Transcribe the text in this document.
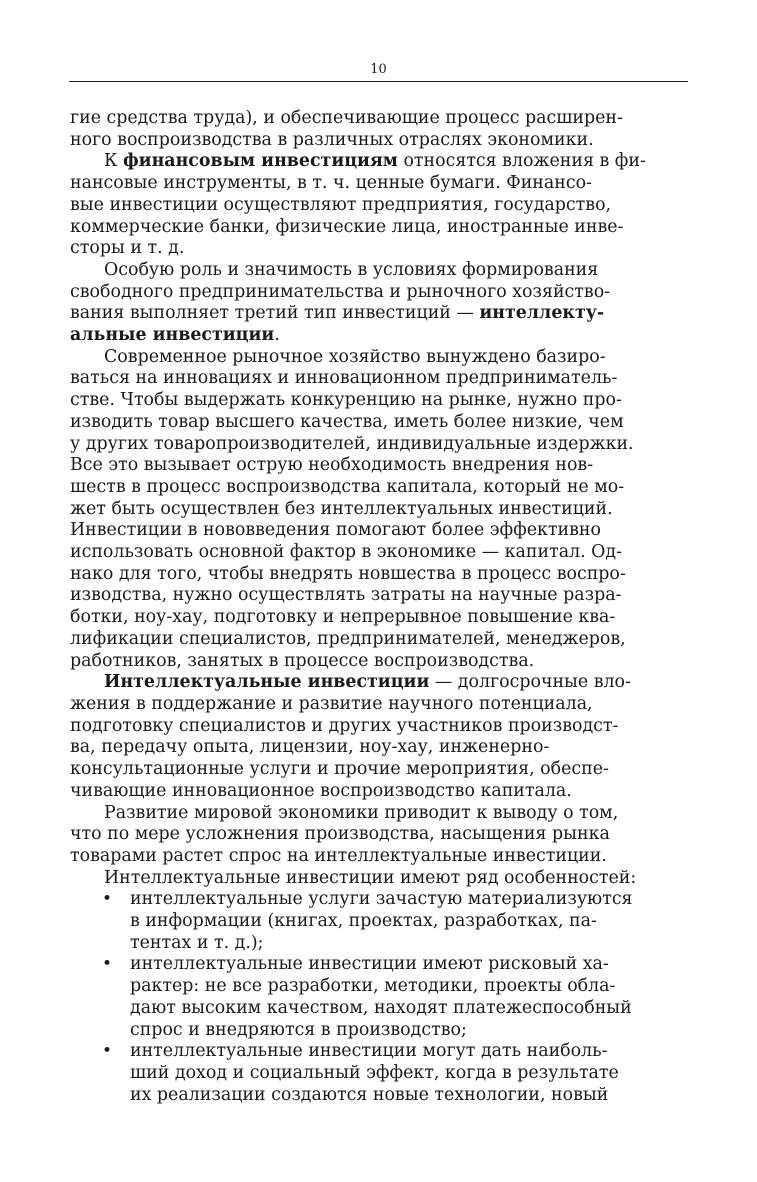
10

гие средства труда), и обеспечивающие процесс расширен-
ного воспроизводства в различных отраслях экономики.

К финансовым инвестициям относятся вложения в фи-
нансовые инструменты, в т. ч. ценные бумаги. Финансо-
вые инвестиции осуществляют предприятия, государство,
коммерческие банки, физические лица, иностранные инве-
сторы и т. д.

Особую роль и значимость в условиях формирования
свободного предпринимательства и рыночного хозяйство-
вания выполняет третий тип инвестиций — интеллекту-
альные инвестиции.

Современное рыночное хозяйство вынуждено базиро-
ваться на инновациях и инновационном предприниматель-
стве. Чтобы выдержать конкуренцию на рынке, нужно про-
изводить товар высшего качества, иметь более низкие, чем
у других товаропроизводителей, индивидуальные издержки.
Все это вызывает острую необходимость внедрения нов-
шеств в процесс воспроизводства капитала, который не мо-
жет быть осуществлен без интеллектуальных инвестиций.
Инвестиции в нововведения помогают более эффективно
использовать основной фактор в экономике — капитал. Од-
нако для того, чтобы внедрять новшества в процесс воспро-
изводства, нужно осуществлять затраты на научные разра-
ботки, ноу-хау, подготовку и непрерывное повышение ква-
лификации специалистов, предпринимателей, менеджеров,
работников, занятых в процессе воспроизводства.

Интеллектуальные инвестиции — долгосрочные вло-
жения в поддержание и развитие научного потенциала,
подготовку специалистов и других участников производст-
ва, передачу опыта, лицензии, ноу-хау, инженерно-
консультационные услуги и прочие мероприятия, обеспе-
чивающие инновационное воспроизводство капитала.

Развитие мировой экономики приводит к выводу о том,
что по мере усложнения производства, насыщения рынка
товарами растет спрос на интеллектуальные инвестиции.

Интеллектуальные инвестиции имеют ряд особенностей:

• интеллектуальные услуги зачастую материализуются
в информации (книгах, проектах, разработках, па-
тентах и т. д.);
• интеллектуальные инвестиции имеют рисковый ха-
рактер: не все разработки, методики, проекты обла-
дают высоким качеством, находят платежеспособный
спрос и внедряются в производство;
• интеллектуальные инвестиции могут дать наиболь-
ший доход и социальный эффект, когда в результате
их реализации создаются новые технологии, новый
